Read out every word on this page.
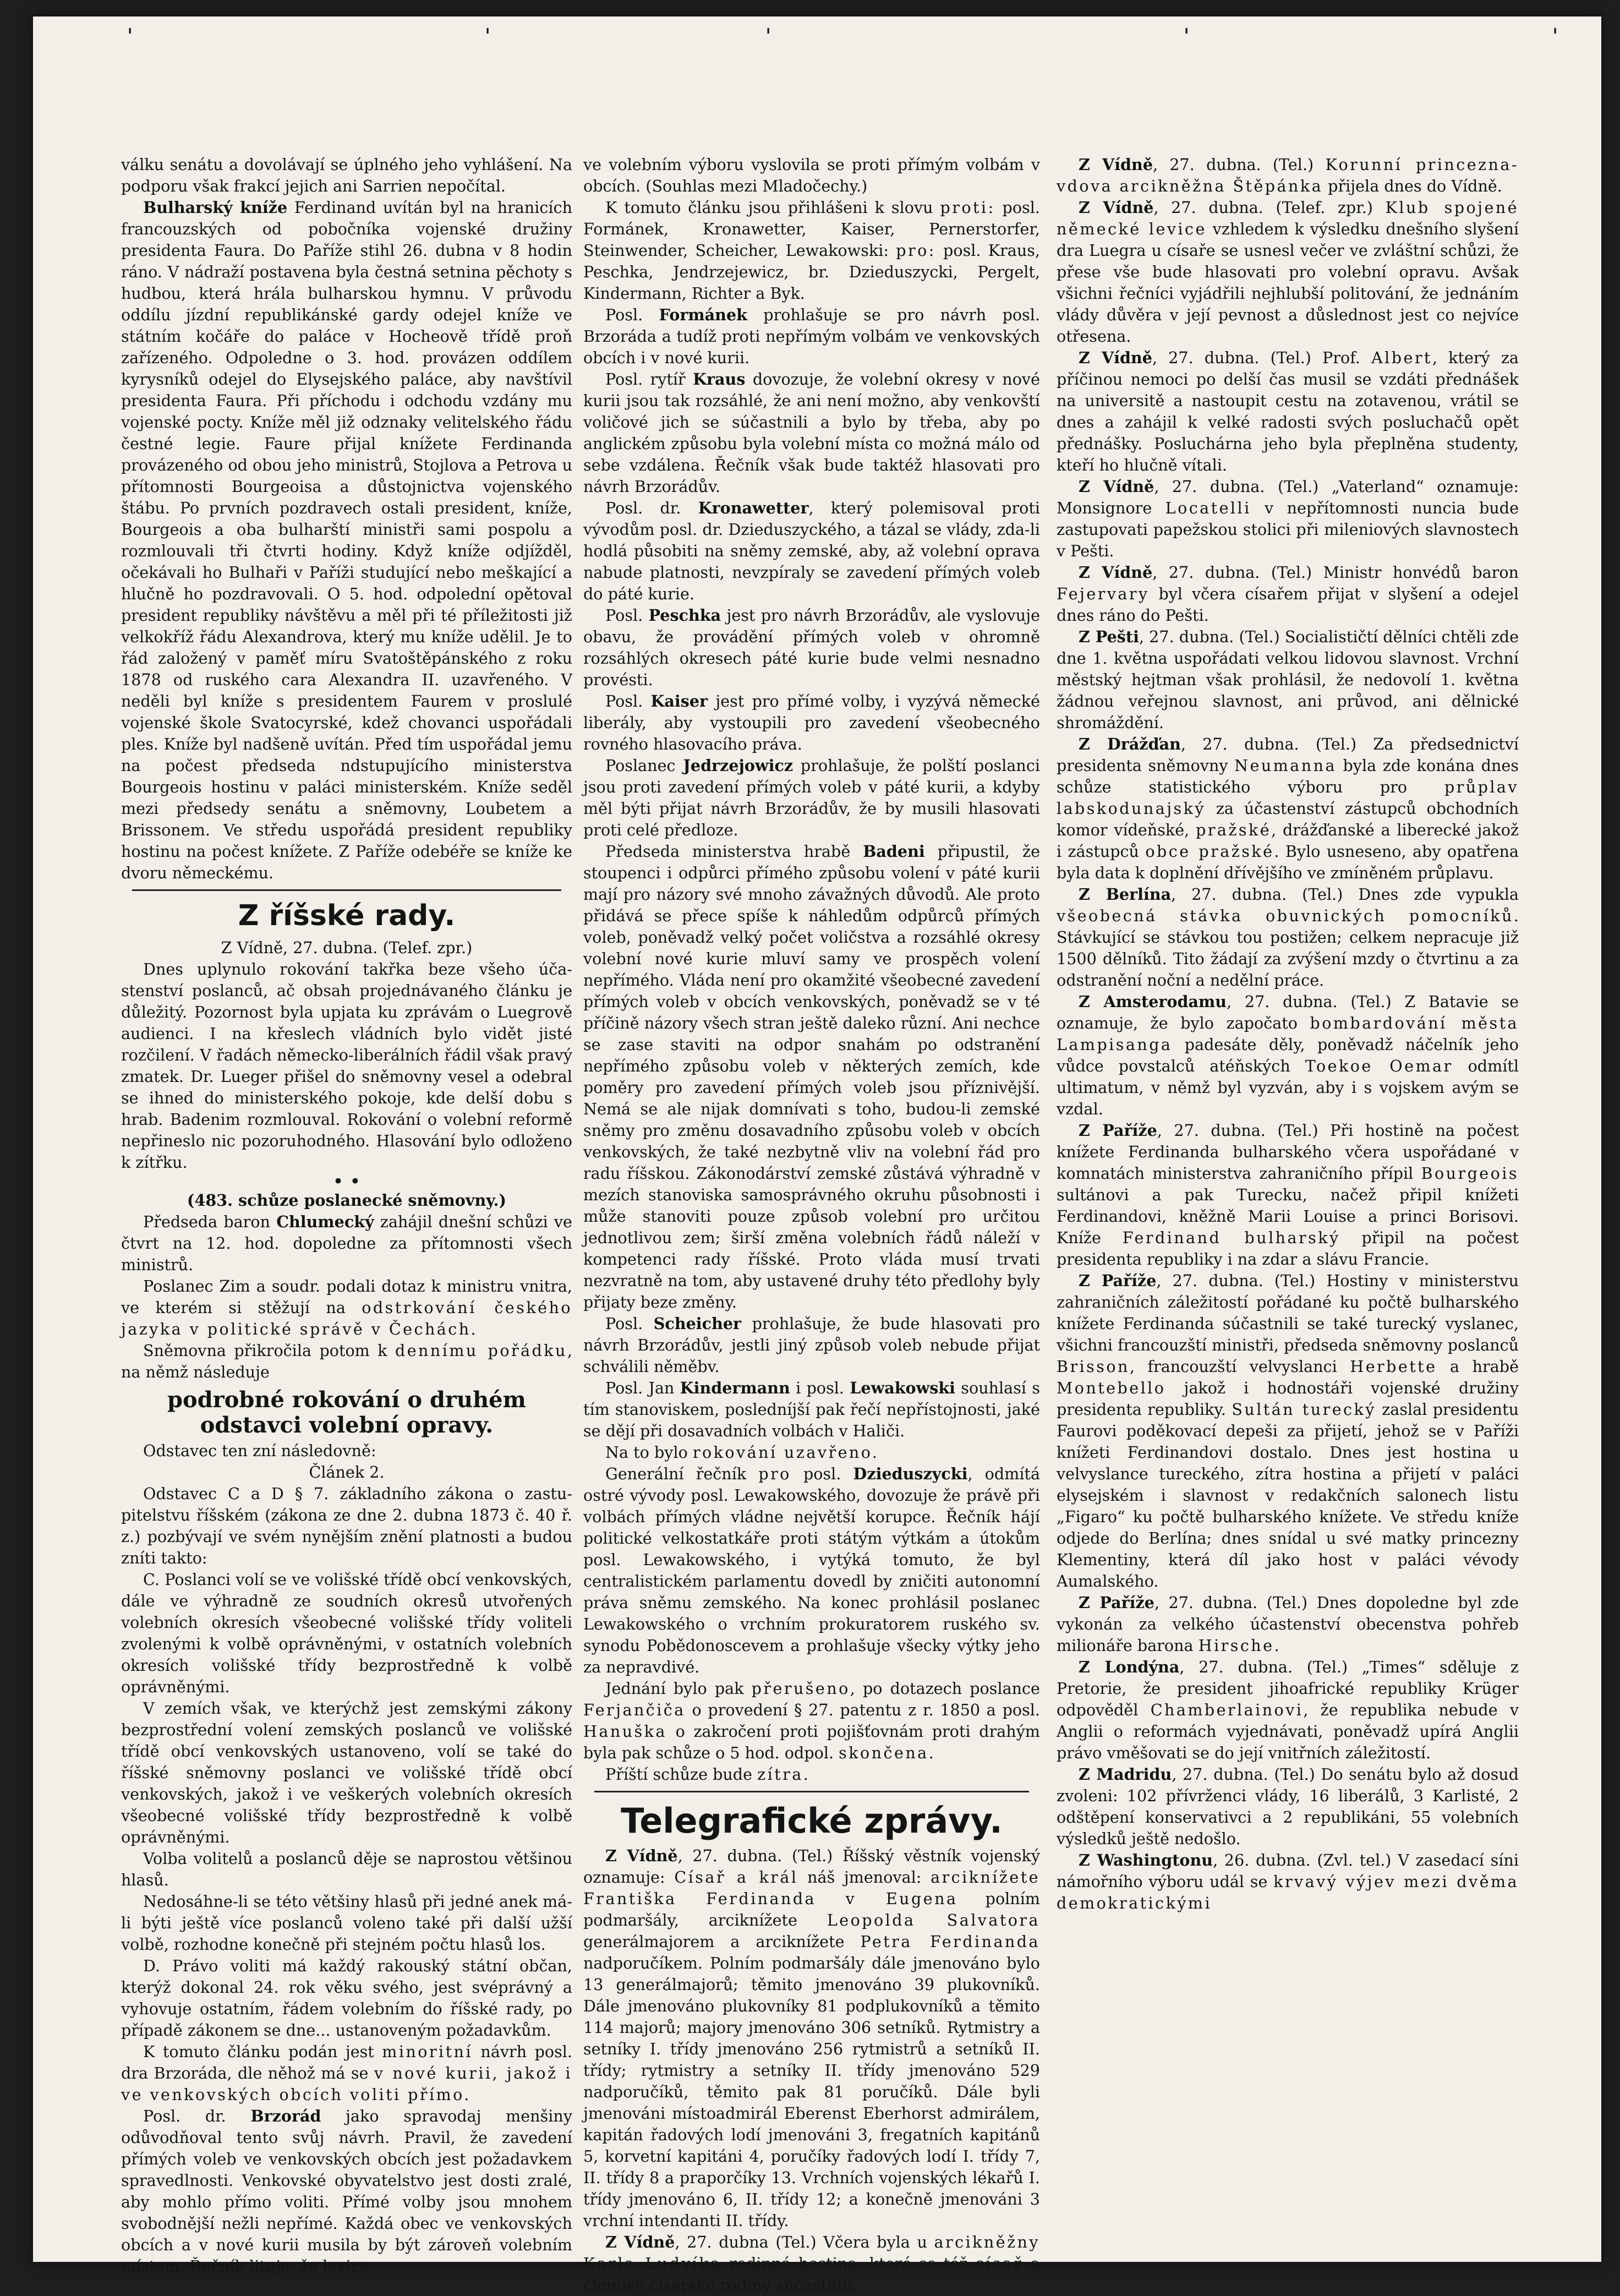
ˈ	ˈ	ˈ	ˈ	ˈ

válku senátu a dovolávají se úplného jeho vyhlášení. Na podporu však frakcí jejich ani Sarrien nepočítal.

Bulharský kníže Ferdinand uvítán byl na hranicích francouzských od pobočníka vojenské družiny presidenta Faura. Do Paříže stihl 26. dubna v 8 hodin ráno. V nádraží postavena byla čestná setnina pěchoty s hudbou, která hrála bulharskou hymnu. V průvodu oddílu jízdní republikánské gardy odejel kníže ve státním kočáře do paláce v Hocheově třídě proň zařízeného. Odpoledne o 3. hod. provázen oddílem kyrysníků odejel do Elysejského paláce, aby navštívil presidenta Faura. Při příchodu i odchodu vzdány mu vojenské pocty. Kníže měl již odznaky velitelského řádu čestné legie. Faure přijal knížete Ferdinanda provázeného od obou jeho ministrů, Stojlova a Petrova u přítomnosti Bourgeoisa a důstojnictva vojenského štábu. Po prvních pozdravech ostali president, kníže, Bourgeois a oba bulharští ministři sami pospolu a rozmlouvali tři čtvrti hodiny. Když kníže odjížděl, očekávali ho Bulhaři v Paříži studující nebo meškající a hlučně ho pozdravovali. O 5. hod. odpolední opětoval president republiky návštěvu a měl při té příležitosti již velkokříž řádu Alexandrova, který mu kníže udělil. Je to řád založený v paměť míru Svatoštěpánského z roku 1878 od ruského cara Alexandra II. uzavřeného. V neděli byl kníže s presidentem Faurem v proslulé vojenské škole Svatocyrské, kdež chovanci uspořádali ples. Kníže byl nadšeně uvítán. Před tím uspořádal jemu na počest předseda ndstupujícího ministerstva Bourgeois hostinu v paláci ministerském. Kníže seděl mezi předsedy senátu a sněmovny, Loubetem a Brissonem. Ve středu uspořádá president republiky hostinu na počest knížete. Z Paříže odebéře se kníže ke dvoru německému.

Z říšské rady.

Z Vídně, 27. dubna. (Telef. zpr.)

Dnes uplynulo rokování takřka beze všeho účastenství poslanců, ač obsah projednávaného článku je důležitý. Pozornost byla upjata ku zprávám o Luegrově audienci. I na křeslech vládních bylo vidět jisté rozčilení. V řadách německo-liberálních řádil však pravý zmatek. Dr. Lueger přišel do sněmovny vesel a odebral se ihned do ministerského pokoje, kde delší dobu s hrab. Badenim rozmlouval. Rokování o volební reformě nepřineslo nic pozoruhodného. Hlasování bylo odloženo k zítřku.

• •

(483. schůze poslanecké sněmovny.)

Předseda baron Chlumecký zahájil dnešní schůzi ve čtvrt na 12. hod. dopoledne za přítomnosti všech ministrů.

Poslanec Zim a soudr. podali dotaz k ministru vnitra, ve kterém si stěžují na odstrkování českého jazyka v politické správě v Čechách.

Sněmovna přikročila potom k dennímu pořádku, na němž následuje

podrobné rokování o druhém odstavci volební opravy.

Odstavec ten zní následovně:

Článek 2.

Odstavec C a D § 7. základního zákona o zastupitelstvu říšském (zákona ze dne 2. dubna 1873 č. 40 ř. z.) pozbývají ve svém nynějším znění platnosti a budou zníti takto:

C. Poslanci volí se ve volišské třídě obcí venkovských, dále ve výhradně ze soudních okresů utvořených volebních okresích všeobecné volišské třídy voliteli zvolenými k volbě oprávněnými, v ostatních volebních okresích volišské třídy bezprostředně k volbě oprávněnými.

V zemích však, ve kterýchž jest zemskými zákony bezprostřední volení zemských poslanců ve volišské třídě obcí venkovských ustanoveno, volí se také do říšské sněmovny poslanci ve volišské třídě obcí venkovských, jakož i ve veškerých volebních okresích všeobecné volišské třídy bezprostředně k volbě oprávněnými.

Volba volitelů a poslanců děje se naprostou většinou hlasů.

Nedosáhne-li se této většiny hlasů při jedné anek má-li býti ještě více poslanců voleno také při další užší volbě, rozhodne konečně při stejném počtu hlasů los.

D. Právo voliti má každý rakouský státní občan, kterýž dokonal 24. rok věku svého, jest svéprávný a vyhovuje ostatním, řádem volebním do říšské rady, po případě zákonem se dne... ustanoveným požadavkům.

K tomuto článku podán jest minoritní návrh posl. dra Brzoráda, dle něhož má se v nové kurii, jakož i ve venkovských obcích voliti přímo.

Posl. dr. Brzorád jako spravodaj menšiny odůvodňoval tento svůj návrh. Pravil, že zavedení přímých voleb ve venkovských obcích jest požadavkem spravedlnosti. Venkovské obyvatelstvo jest dosti zralé, aby mohlo přímo voliti. Přímé volby jsou mnohem svobodnější nežli nepřímé. Každá obec ve venkovských obcích a v nové kurii musila by být zároveň volebním místem. Řečník lituje, že levice

ve volebním výboru vyslovila se proti přímým volbám v obcích. (Souhlas mezi Mladočechy.)

K tomuto článku jsou přihlášeni k slovu proti: posl. Formánek, Kronawetter, Kaiser, Pernerstorfer, Steinwender, Scheicher, Lewakowski: pro: posl. Kraus, Peschka, Jendrzejewicz, br. Dzieduszycki, Pergelt, Kindermann, Richter a Byk.

Posl. Formánek prohlašuje se pro návrh posl. Brzoráda a tudíž proti nepřímým volbám ve venkovských obcích i v nové kurii.

Posl. rytíř Kraus dovozuje, že volební okresy v nové kurii jsou tak rozsáhlé, že ani není možno, aby venkovští voličové jich se súčastnili a bylo by třeba, aby po anglickém způsobu byla volební místa co možná málo od sebe vzdálena. Řečník však bude taktéž hlasovati pro návrh Brzorádův.

Posl. dr. Kronawetter, který polemisoval proti vývodům posl. dr. Dzieduszyckého, a tázal se vlády, zda-li hodlá působiti na sněmy zemské, aby, až volební oprava nabude platnosti, nevzpíraly se zavedení přímých voleb do páté kurie.

Posl. Peschka jest pro návrh Brzorádův, ale vyslovuje obavu, že provádění přímých voleb v ohromně rozsáhlých okresech páté kurie bude velmi nesnadno provésti.

Posl. Kaiser jest pro přímé volby, i vyzývá německé liberály, aby vystoupili pro zavedení všeobecného rovného hlasovacího práva.

Poslanec Jedrzejowicz prohlašuje, že polští poslanci jsou proti zavedení přímých voleb v páté kurii, a kdyby měl býti přijat návrh Brzorádův, že by musili hlasovati proti celé předloze.

Předseda ministerstva hrabě Badeni připustil, že stoupenci i odpůrci přímého způsobu volení v páté kurii mají pro názory své mnoho závažných důvodů. Ale proto přidává se přece spíše k náhledům odpůrců přímých voleb, poněvadž velký počet voličstva a rozsáhlé okresy volební nové kurie mluví samy ve prospěch volení nepřímého. Vláda není pro okamžité všeobecné zavedení přímých voleb v obcích venkovských, poněvadž se v té příčině názory všech stran ještě daleko různí. Ani nechce se zase staviti na odpor snahám po odstranění nepřímého způsobu voleb v některých zemích, kde poměry pro zavedení přímých voleb jsou příznivější. Nemá se ale nijak domnívati s toho, budou-li zemské sněmy pro změnu dosavadního způsobu voleb v obcích venkovských, že také nezbytně vliv na volební řád pro radu říšskou. Zákonodárství zemské zůstává výhradně v mezích stanoviska samosprávného okruhu působnosti i může stanoviti pouze způsob volební pro určitou jednotlivou zem; širší změna volebních řádů náleží v kompetenci rady říšské. Proto vláda musí trvati nezvratně na tom, aby ustavené druhy této předlohy byly přijaty beze změny.

Posl. Scheicher prohlašuje, že bude hlasovati pro návrh Brzorádův, jestli jiný způsob voleb nebude přijat schválili něměbv.

Posl. Jan Kindermann i posl. Lewakowski souhlasí s tím stanoviskem, posledníjší pak řečí nepřístojnosti, jaké se dějí při dosavadních volbách v Haliči.

Na to bylo rokování uzavřeno.

Generální řečník pro posl. Dzieduszycki, odmítá ostré vývody posl. Lewakowského, dovozuje že právě při volbách přímých vládne největší korupce. Řečník hájí politické velkostatkáře proti státým výtkám a útokům posl. Lewakowského, i vytýká tomuto, že byl centralistickém parlamentu dovedl by zničiti autonomní práva sněmu zemského. Na konec prohlásil poslanec Lewakowského o vrchním prokuratorem ruského sv. synodu Pobědonoscevem a prohlašuje všecky výtky jeho za nepravdivé.

Jednání bylo pak přerušeno, po dotazech poslance Ferjančiča o provedení § 27. patentu z r. 1850 a posl. Hanuška o zakročení proti pojišťovnám proti drahým byla pak schůze o 5 hod. odpol. skončena.

Příští schůze bude zítra.

Telegrafické zprávy.

Z Vídně, 27. dubna. (Tel.) Říšský věstník vojenský oznamuje: Císař a král náš jmenoval: arciknížete Františka Ferdinanda v Eugena polním podmaršály, arciknížete Leopolda Salvatora generálmajorem a arciknížete Petra Ferdinanda nadporučíkem. Polním podmaršály dále jmenováno bylo 13 generálmajorů; těmito jmenováno 39 plukovníků. Dále jmenováno plukovníky 81 podplukovníků a těmito 114 majorů; majory jmenováno 306 setníků. Rytmistry a setníky I. třídy jmenováno 256 rytmistrů a setníků II. třídy; rytmistry a setníky II. třídy jmenováno 529 nadporučíků, těmito pak 81 poručíků. Dále byli jmenováni místoadmirál Eberenst Eberhorst admirálem, kapitán řadových lodí jmenováni 3, fregatních kapitánů 5, korvetní kapitáni 4, poručíky řadových lodí I. třídy 7, II. třídy 8 a praporčíky 13. Vrchních vojenských lékařů I. třídy jmenováno 6, II. třídy 12; a konečně jmenováni 3 vrchní intendanti II. třídy.

Z Vídně, 27. dubna (Tel.) Včera byla u arcikněžny Karla Ludvíka rodinná hostina, které se též císař a členové císařské rodiny súčastnili.

Z Vídně, 27. dubna. (Tel.) Korunní princezna-vdova arcikněžna Štěpánka přijela dnes do Vídně.

Z Vídně, 27. dubna. (Telef. zpr.) Klub spojené německé levice vzhledem k výsledku dnešního slyšení dra Luegra u císaře se usnesl večer ve zvláštní schůzi, že přese vše bude hlasovati pro volební opravu. Avšak všichni řečníci vyjádřili nejhlubší politování, že jednáním vlády důvěra v její pevnost a důslednost jest co nejvíce otřesena.

Z Vídně, 27. dubna. (Tel.) Prof. Albert, který za příčinou nemoci po delší čas musil se vzdáti přednášek na universitě a nastoupit cestu na zotavenou, vrátil se dnes a zahájil k velké radosti svých posluchačů opět přednášky. Posluchárna jeho byla přeplněna studenty, kteří ho hlučně vítali.

Z Vídně, 27. dubna. (Tel.) „Vaterland“ oznamuje: Monsignore Locatelli v nepřítomnosti nuncia bude zastupovati papežskou stolici při mileniových slavnostech v Pešti.

Z Vídně, 27. dubna. (Tel.) Ministr honvédů baron Fejervary byl včera císařem přijat v slyšení a odejel dnes ráno do Pešti.

Z Pešti, 27. dubna. (Tel.) Socialističtí dělníci chtěli zde dne 1. května uspořádati velkou lidovou slavnost. Vrchní městský hejtman však prohlásil, že nedovolí 1. května žádnou veřejnou slavnost, ani průvod, ani dělnické shromáždění.

Z Drážďan, 27. dubna. (Tel.) Za předsednictví presidenta sněmovny Neumanna byla zde konána dnes schůze statistického výboru pro průplav labskodunajský za účastenství zástupců obchodních komor vídeňské, pražské, drážďanské a liberecké jakož i zástupců obce pražské. Bylo usneseno, aby opatřena byla data k doplnění dřívějšího ve zmíněném průplavu.

Z Berlína, 27. dubna. (Tel.) Dnes zde vypukla všeobecná stávka obuvnických pomocníků. Stávkující se stávkou tou postižen; celkem nepracuje již 1500 dělníků. Tito žádají za zvýšení mzdy o čtvrtinu a za odstranění noční a nedělní práce.

Z Amsterodamu, 27. dubna. (Tel.) Z Batavie se oznamuje, že bylo započato bombardování města Lampisanga padesáte děly, poněvadž náčelník jeho vůdce povstalců atéňských Toekoe Oemar odmítl ultimatum, v němž byl vyzván, aby i s vojskem avým se vzdal.

Z Paříže, 27. dubna. (Tel.) Při hostině na počest knížete Ferdinanda bulharského včera uspořádané v komnatách ministerstva zahraničního přípil Bourgeois sultánovi a pak Turecku, načež připil knížeti Ferdinandovi, kněžně Marii Louise a princi Borisovi. Kníže Ferdinand bulharský připil na počest presidenta republiky i na zdar a slávu Francie.

Z Paříže, 27. dubna. (Tel.) Hostiny v ministerstvu zahraničních záležitostí pořádané ku počtě bulharského knížete Ferdinanda súčastnili se také turecký vyslanec, všichni francouzští ministři, předseda sněmovny poslanců Brisson, francouzští velvyslanci Herbette a hrabě Montebello jakož i hodnostáři vojenské družiny presidenta republiky. Sultán turecký zaslal presidentu Faurovi poděkovací depeši za přijetí, jehož se v Paříži knížeti Ferdinandovi dostalo. Dnes jest hostina u velvyslance tureckého, zítra hostina a přijetí v paláci elysejském i slavnost v redakčních salonech listu „Figaro“ ku počtě bulharského knížete. Ve středu kníže odjede do Berlína; dnes snídal u své matky princezny Klementiny, která díl jako host v paláci vévody Aumalského.

Z Paříže, 27. dubna. (Tel.) Dnes dopoledne byl zde vykonán za velkého účastenství obecenstva pohřeb milionáře barona Hirsche.

Z Londýna, 27. dubna. (Tel.) „Times“ sděluje z Pretorie, že president jihoafrické republiky Krüger odpověděl Chamberlainovi, že republika nebude v Anglii o reformách vyjednávati, poněvadž upírá Anglii právo vměšovati se do její vnitřních záležitostí.

Z Madridu, 27. dubna. (Tel.) Do senátu bylo až dosud zvoleni: 102 přívrženci vlády, 16 liberálů, 3 Karlisté, 2 odštěpení konservativci a 2 republikáni, 55 volebních výsledků ještě nedošlo.

Z Washingtonu, 26. dubna. (Zvl. tel.) V zasedací síni námořního výboru udál se krvavý výjev mezi dvěma demokratickými
